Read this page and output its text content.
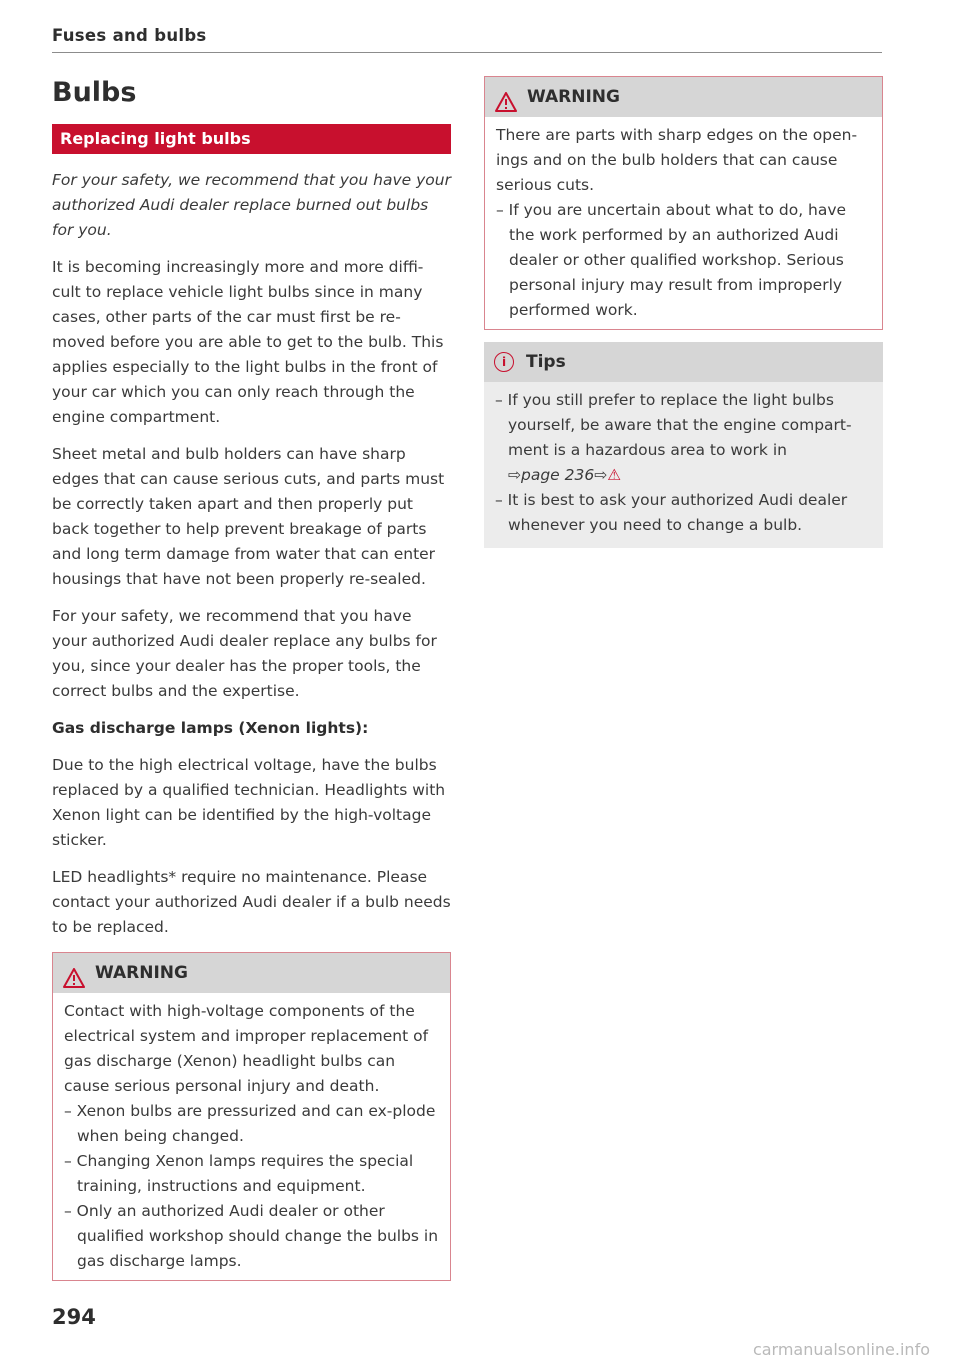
Fuses and bulbs
Bulbs
Replacing light bulbs

For your safety, we recommend that you have your authorized Audi dealer replace burned out bulbs for you.

It is becoming increasingly more and more diffi-cult to replace vehicle light bulbs since in many cases, other parts of the car must first be re-moved before you are able to get to the bulb. This applies especially to the light bulbs in the front of your car which you can only reach through the engine compartment.

Sheet metal and bulb holders can have sharp edges that can cause serious cuts, and parts must be correctly taken apart and then properly put back together to help prevent breakage of parts and long term damage from water that can enter housings that have not been properly re-sealed.

For your safety, we recommend that you have your authorized Audi dealer replace any bulbs for you, since your dealer has the proper tools, the correct bulbs and the expertise.

Gas discharge lamps (Xenon lights):

Due to the high electrical voltage, have the bulbs replaced by a qualified technician. Headlights with Xenon light can be identified by the high-voltage sticker.

LED headlights* require no maintenance. Please contact your authorized Audi dealer if a bulb needs to be replaced.

WARNING

Contact with high-voltage components of the electrical system and improper replacement of gas discharge (Xenon) headlight bulbs can cause serious personal injury and death.

– Xenon bulbs are pressurized and can ex-plode when being changed.
– Changing Xenon lamps requires the special training, instructions and equipment.
– Only an authorized Audi dealer or other qualified workshop should change the bulbs in gas discharge lamps.
WARNING

There are parts with sharp edges on the open-ings and on the bulb holders that can cause serious cuts.

– If you are uncertain about what to do, have the work performed by an authorized Audi dealer or other qualified workshop. Serious personal injury may result from improperly performed work.
i	Tips
– If you still prefer to replace the light bulbs yourself, be aware that the engine compart-ment is a hazardous area to work in
⇨page 236⇨⚠
– It is best to ask your authorized Audi dealer whenever you need to change a bulb.
294
carmanualsonline.info
